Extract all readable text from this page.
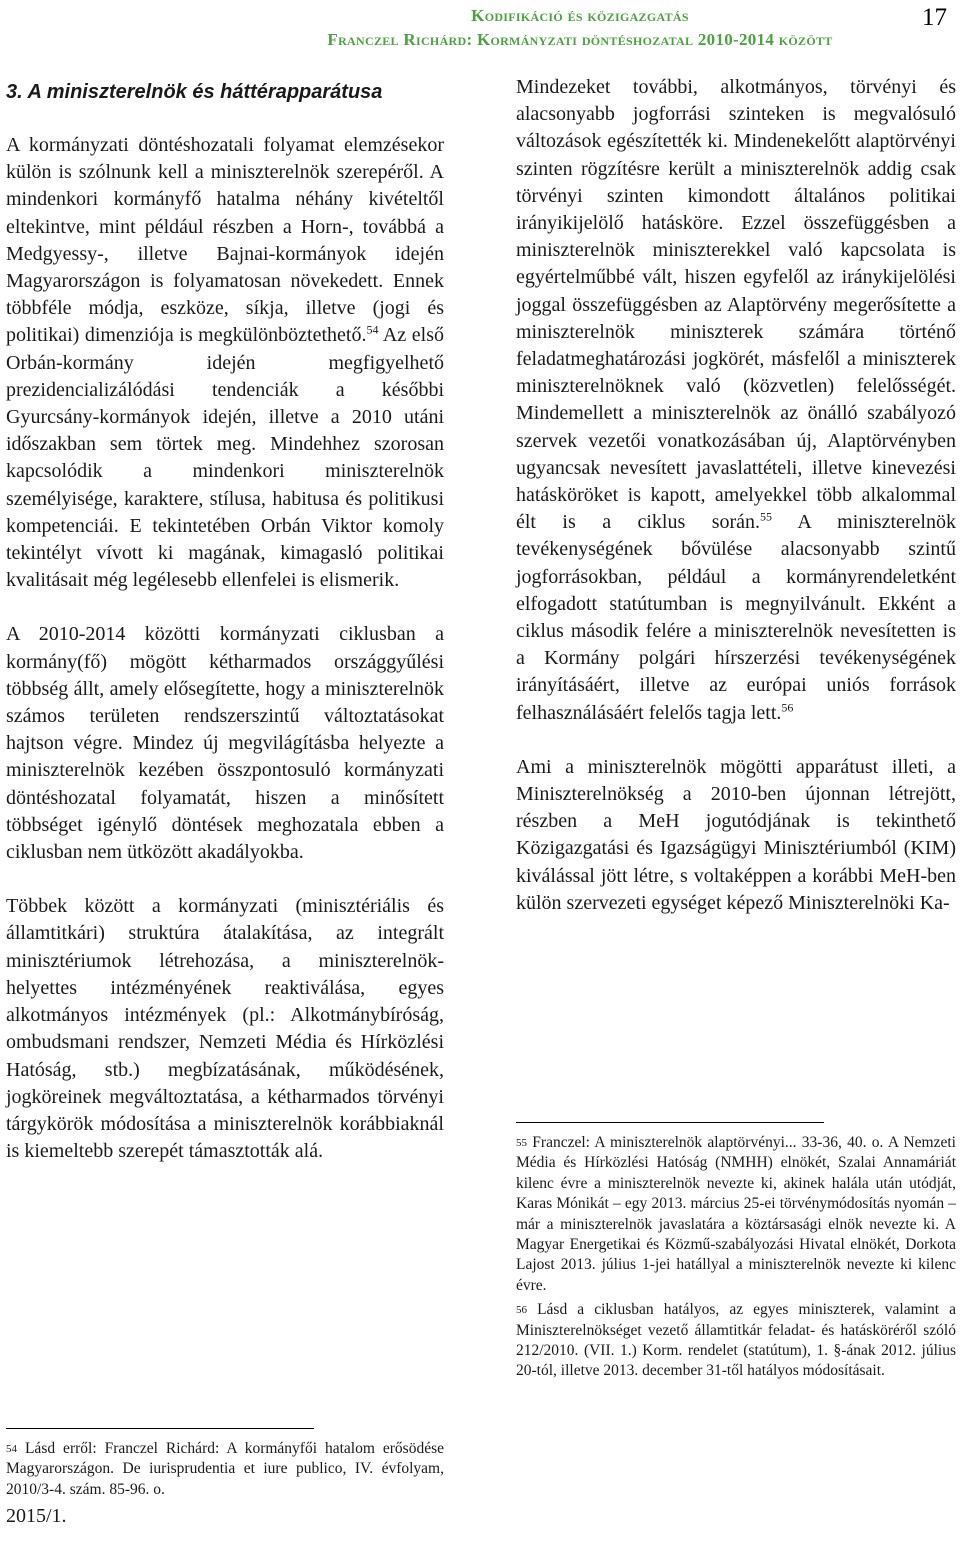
Kodifikáció és közigazgatás
Franczel Richárd: Kormányzati döntéshozatal 2010-2014 között
17
3. A miniszterelnök és háttérapparátusa

A kormányzati döntéshozatali folyamat elemzésekor külön is szólnunk kell a miniszterelnök szerepéről. A mindenkori kormányfő hatalma néhány kivételtől eltekintve, mint például részben a Horn-, továbbá a Medgyessy-, illetve Bajnai-kormányok idején Magyarországon is folyamatosan növekedett. Ennek többféle módja, eszköze, síkja, illetve (jogi és politikai) dimenziója is megkülönböztethető.$^{54}$ Az első Orbán-kormány idején megfigyelhető prezidencializálódási tendenciák a későbbi Gyurcsány-kormányok idején, illetve a 2010 utáni időszakban sem törtek meg. Mindehhez szorosan kapcsolódik a mindenkori miniszterelnök személyisége, karaktere, stílusa, habitusa és politikusi kompetenciái. E tekintetében Orbán Viktor komoly tekintélyt vívott ki magának, kimagasló politikai kvalitásait még legélesebb ellenfelei is elismerik.

A 2010-2014 közötti kormányzati ciklusban a kormány(fő) mögött kétharmados országgyűlési többség állt, amely elősegítette, hogy a miniszterelnök számos területen rendszerszintű változtatásokat hajtson végre. Mindez új megvilágításba helyezte a miniszterelnök kezében összpontosuló kormányzati döntéshozatal folyamatát, hiszen a minősített többséget igénylő döntések meghozatala ebben a ciklusban nem ütközött akadályokba.

Többek között a kormányzati (minisztériális és államtitkári) struktúra átalakítása, az integrált minisztériumok létrehozása, a miniszterelnök-helyettes intézményének reaktiválása, egyes alkotmányos intézmények (pl.: Alkotmánybíróság, ombudsmani rendszer, Nemzeti Média és Hírközlési Hatóság, stb.) megbízatásának, működésének, jogköreinek megváltoztatása, a kétharmados törvényi tárgykörök módosítása a miniszterelnök korábbiaknál is kiemeltebb szerepét támasztották alá.

$^{54}$ Lásd erről: Franczel Richárd: A kormányfői hatalom erősödése Magyarországon. De iurisprudentia et iure publico, IV. évfolyam, 2010/3-4. szám. 85-96. o.

2015/1.

Mindezeket további, alkotmányos, törvényi és alacsonyabb jogforrási szinteken is megvalósuló változások egészítették ki. Mindenekelőtt alaptörvényi szinten rögzítésre került a miniszterelnök addig csak törvényi szinten kimondott általános politikai irányikijelölő hatásköre. Ezzel összefüggésben a miniszterelnök miniszterekkel való kapcsolata is egyértelműbbé vált, hiszen egyfelől az iránykijelölési joggal összefüggésben az Alaptörvény megerősítette a miniszterelnök miniszterek számára történő feladatmeghatározási jogkörét, másfelől a miniszterek miniszterelnöknek való (közvetlen) felelősségét. Mindemellett a miniszterelnök az önálló szabályozó szervek vezetői vonatkozásában új, Alaptörvényben ugyancsak nevesített javaslattételi, illetve kinevezési hatásköröket is kapott, amelyekkel több alkalommal élt is a ciklus során.$^{55}$ A miniszterelnök tevékenységének bővülése alacsonyabb szintű jogforrásokban, például a kormányrendeletként elfogadott statútumban is megnyilvánult. Ekként a ciklus második felére a miniszterelnök nevesítetten is a Kormány polgári hírszerzési tevékenységének irányításáért, illetve az európai uniós források felhasználásáért felelős tagja lett.$^{56}$

Ami a miniszterelnök mögötti apparátust illeti, a Miniszterelnökség a 2010-ben újonnan létrejött, részben a MeH jogutódjának is tekinthető Közigazgatási és Igazságügyi Minisztériumból (KIM) kiválással jött létre, s voltaképpen a korábbi MeH-ben külön szervezeti egységet képező Miniszterelnöki Ka-

$^{55}$ Franczel: A miniszterelnök alaptörvényi... 33-36, 40. o. A Nemzeti Média és Hírközlési Hatóság (NMHH) elnökét, Szalai Annamáriát kilenc évre a miniszterelnök nevezte ki, akinek halála után utódját, Karas Mónikát – egy 2013. március 25-ei törvénymódosítás nyomán – már a miniszterelnök javaslatára a köztársasági elnök nevezte ki. A Magyar Energetikai és Közmű-szabályozási Hivatal elnökét, Dorkota Lajost 2013. július 1-jei hatállyal a miniszterelnök nevezte ki kilenc évre.

$^{56}$ Lásd a ciklusban hatályos, az egyes miniszterek, valamint a Miniszterelnökséget vezető államtitkár feladat- és hatásköréről szóló 212/2010. (VII. 1.) Korm. rendelet (statútum), 1. §-ának 2012. július 20-tól, illetve 2013. december 31-től hatályos módosításait.
